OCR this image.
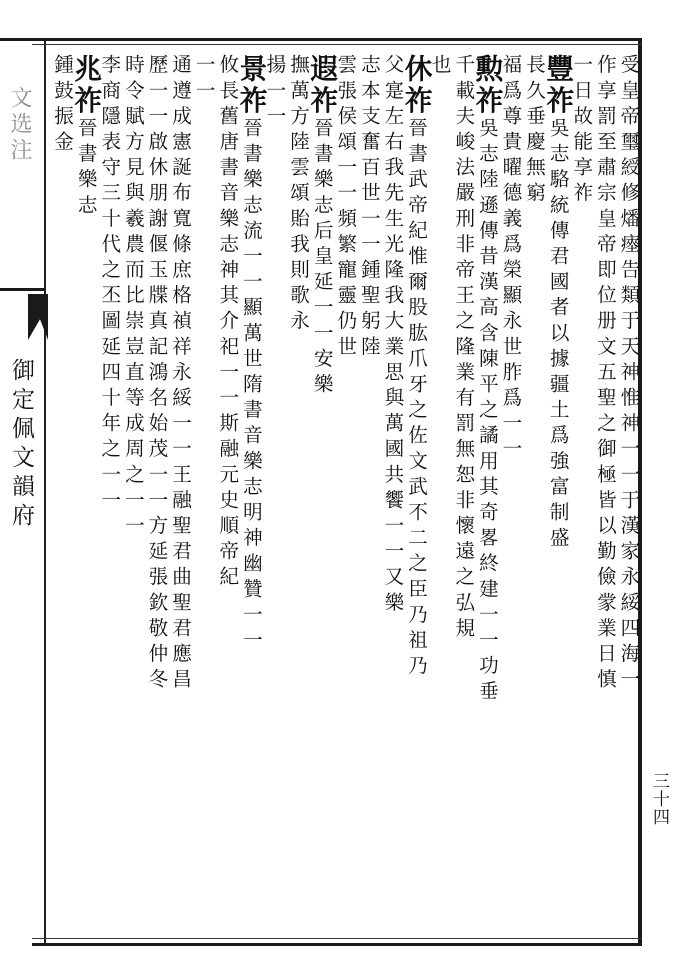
文选注
御定佩文韻府
三十四
受皇帝璽綬修燔瘞告類于天神惟神一一于漢家永綏四海一
作享罰至肅宗皇帝即位册文五聖之御極皆以勤儉䝉業日慎
一日故能享祚
豐祚吳志駱統傳君國者以據疆土爲強富制盛
長久垂慶無窮
福爲尊貴曜德義爲榮顯永世胙爲一一
勲祚吳志陸遜傳昔漢高含陳平之譎用其奇畧終建一一功垂
千載夫峻法嚴刑非帝王之隆業有罰無恕非懷遠之弘規
也
休祚晉書武帝紀惟爾股肱爪牙之佐文武不二之臣乃祖乃
父寔左右我先生光隆我大業思與萬國共饗一一又樂
志本支奮百世一一鍾聖躬陸
雲張侯頌一一頻繁寵靈仍世
遐祚晉書樂志后皇延一一安樂
撫萬方陸雲頌貽我則歌永
揚一一
景祚晉書樂志流一一顯萬世隋書音樂志明神幽贊一一
攸長舊唐書音樂志神其介祀一一斯融元史順帝紀
一一
通遵成憲誕布寬條庶格禎祥永綏一一王融聖君曲聖君應昌
歷一一啟休朋謝偃玉牒真記鴻名始茂一一方延張欽敬仲冬
時令賦方見與羲農而比崇豈直等成周之一一
李商隱表守三十代之丕圖延四十年之一一
兆祚晉書樂志
鍾鼓振金
